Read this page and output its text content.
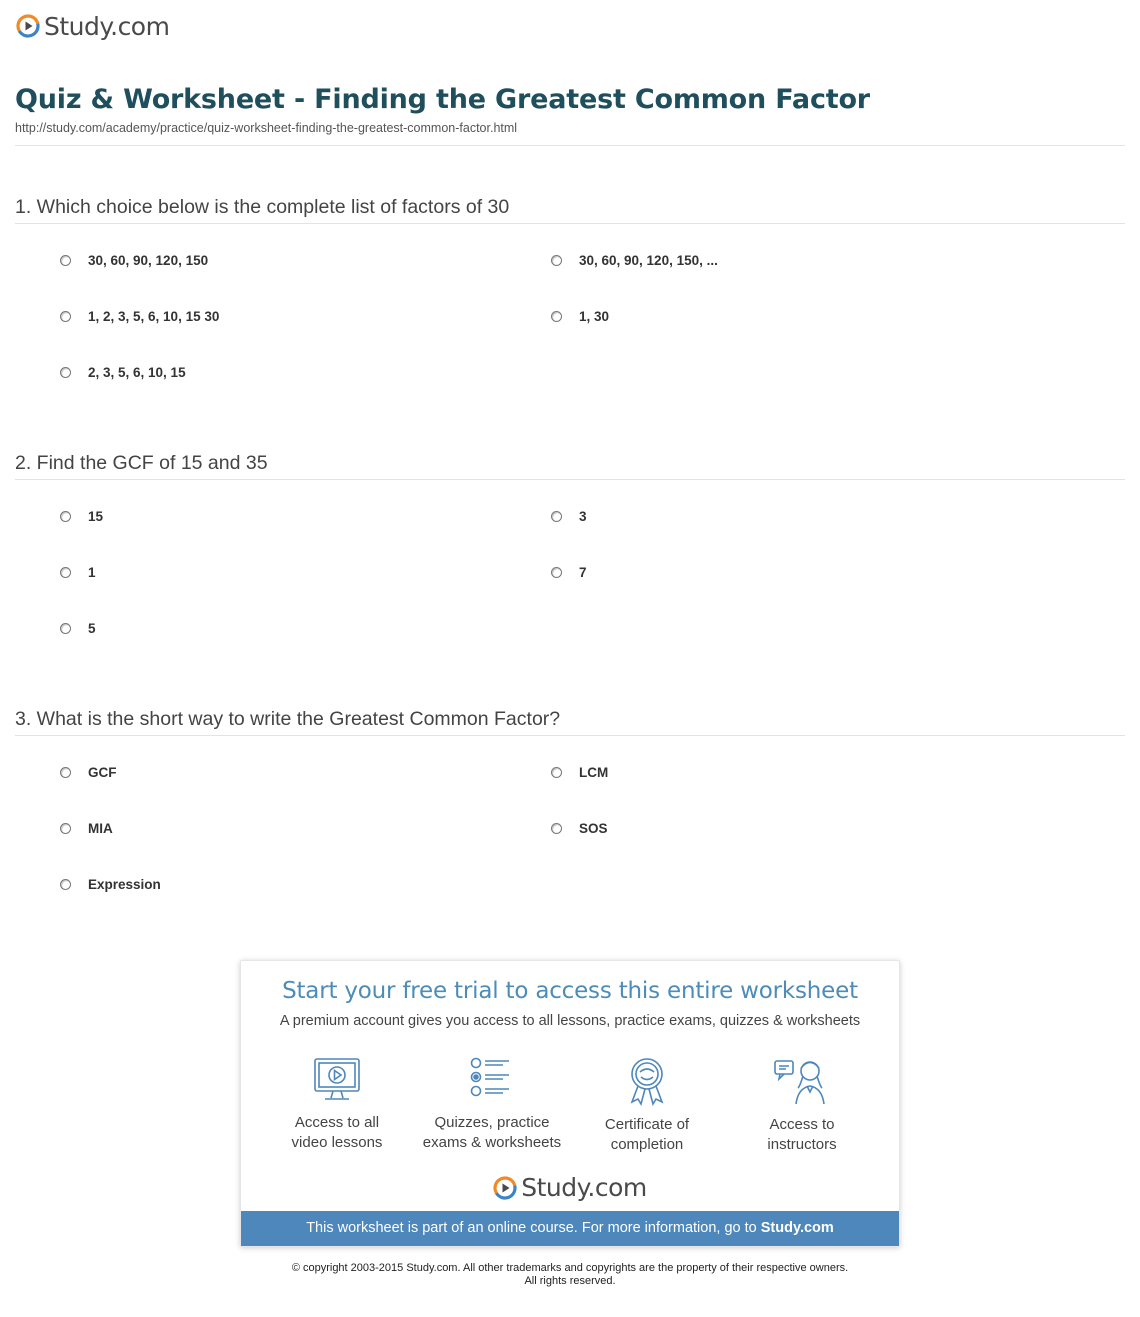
Study.com
Quiz & Worksheet - Finding the Greatest Common Factor
http://study.com/academy/practice/quiz-worksheet-finding-the-greatest-common-factor.html
1. Which choice below is the complete list of factors of 30
30, 60, 90, 120, 150	30, 60, 90, 120, 150, ...
1, 2, 3, 5, 6, 10, 15 30	1, 30
2, 3, 5, 6, 10, 15
2. Find the GCF of 15 and 35
15	3
1	7
5
3. What is the short way to write the Greatest Common Factor?
GCF	LCM
MIA	SOS
Expression
Start your free trial to access this entire worksheet
A premium account gives you access to all lessons, practice exams, quizzes & worksheets
Access to all
video lessons
Quizzes, practice
exams & worksheets
Certificate of
completion
Access to
instructors
Study.com
This worksheet is part of an online course. For more information, go to Study.com
© copyright 2003-2015 Study.com. All other trademarks and copyrights are the property of their respective owners.
All rights reserved.
